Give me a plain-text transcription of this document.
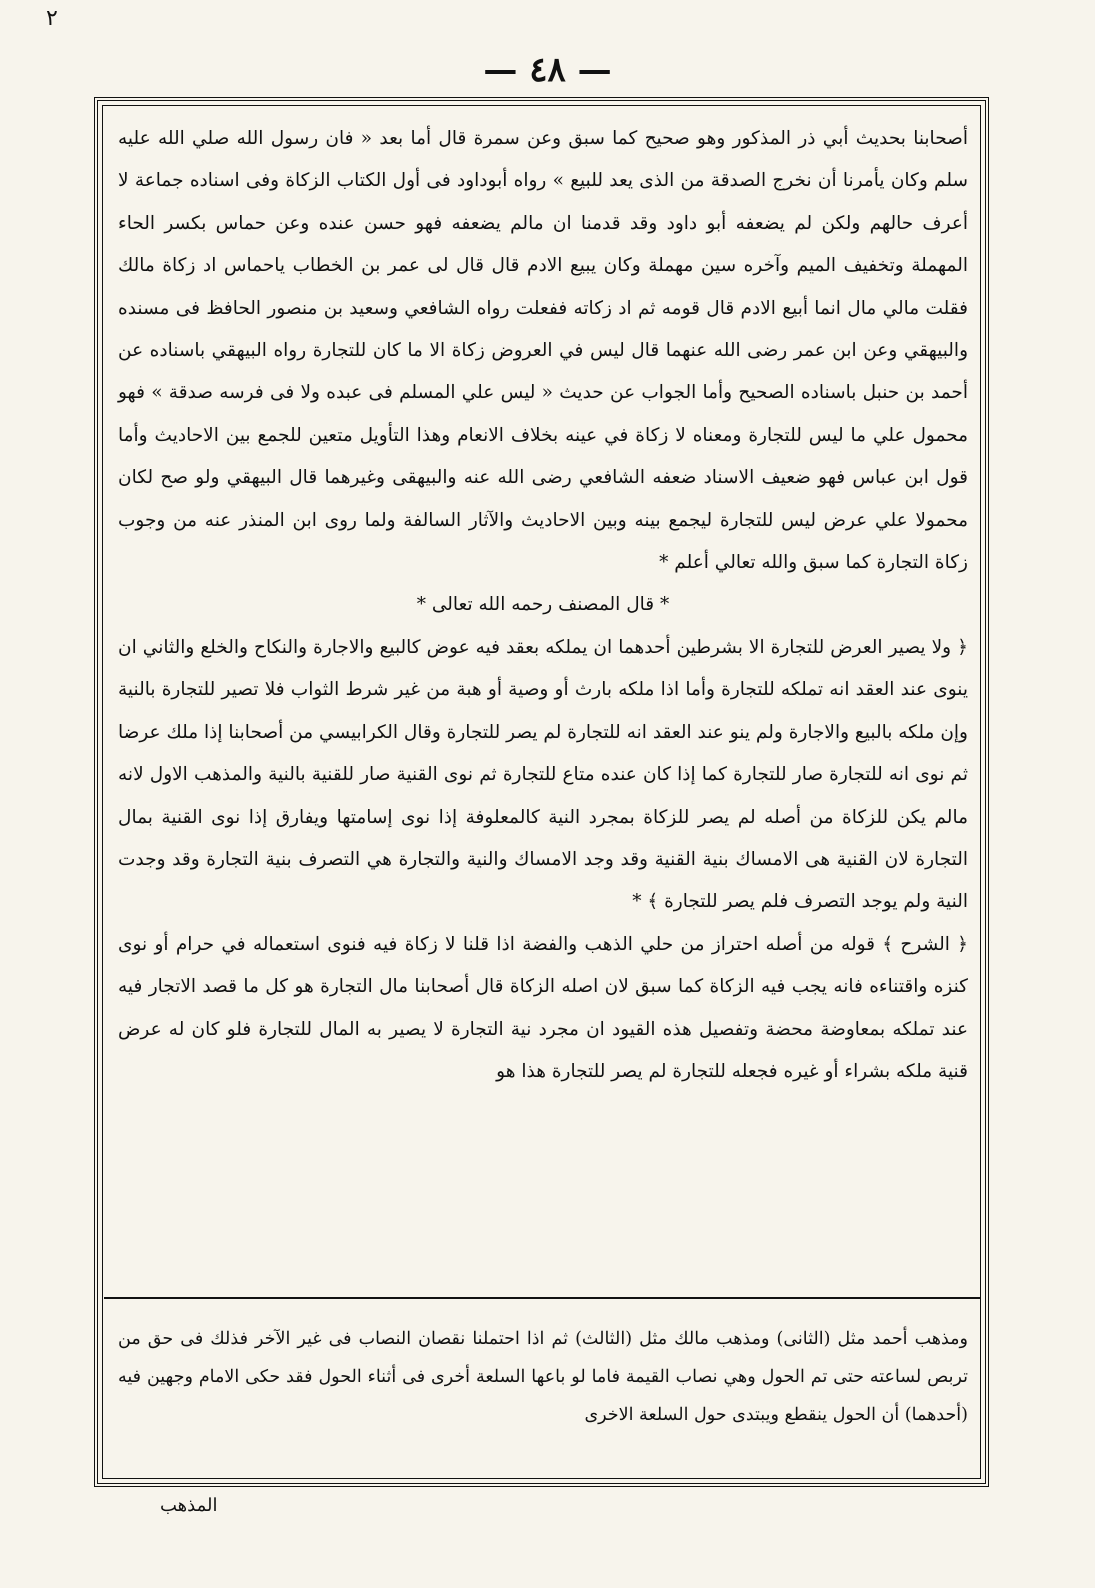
٢
— ٤٨ —

أصحابنا بحديث أبي ذر المذكور وهو صحيح كما سبق وعن سمرة قال أما بعد « فان رسول الله صلي الله عليه سلم وكان يأمرنا أن نخرج الصدقة من الذى يعد للبيع » رواه أبوداود فى أول الكتاب الزكاة وفى اسناده جماعة لا أعرف حالهم ولكن لم يضعفه أبو داود وقد قدمنا ان مالم يضعفه فهو حسن عنده وعن حماس بكسر الحاء المهملة وتخفيف الميم وآخره سين مهملة وكان يبيع الادم قال قال لى عمر بن الخطاب ياحماس اد زكاة مالك فقلت مالي مال انما أبيع الادم قال قومه ثم اد زكاته ففعلت رواه الشافعي وسعيد بن منصور الحافظ فى مسنده والبيهقي وعن ابن عمر رضى الله عنهما قال ليس في العروض زكاة الا ما كان للتجارة رواه البيهقي باسناده عن أحمد بن حنبل باسناده الصحيح وأما الجواب عن حديث « ليس علي المسلم فى عبده ولا فى فرسه صدقة » فهو محمول علي ما ليس للتجارة ومعناه لا زكاة في عينه بخلاف الانعام وهذا التأويل متعين للجمع بين الاحاديث وأما قول ابن عباس فهو ضعيف الاسناد ضعفه الشافعي رضى الله عنه والبيهقى وغيرهما قال البيهقي ولو صح لكان محمولا علي عرض ليس للتجارة ليجمع بينه وبين الاحاديث والآثار السالفة ولما روى ابن المنذر عنه من وجوب زكاة التجارة كما سبق والله تعالي أعلم *

* قال المصنف رحمه الله تعالى *

﴿ ولا يصير العرض للتجارة الا بشرطين أحدهما ان يملكه بعقد فيه عوض كالبيع والاجارة والنكاح والخلع والثاني ان ينوى عند العقد انه تملكه للتجارة وأما اذا ملكه بارث أو وصية أو هبة من غير شرط الثواب فلا تصير للتجارة بالنية وإن ملكه بالبيع والاجارة ولم ينو عند العقد انه للتجارة لم يصر للتجارة وقال الكرابيسي من أصحابنا إذا ملك عرضا ثم نوى انه للتجارة صار للتجارة كما إذا كان عنده متاع للتجارة ثم نوى القنية صار للقنية بالنية والمذهب الاول لانه مالم يكن للزكاة من أصله لم يصر للزكاة بمجرد النية كالمعلوفة إذا نوى إسامتها ويفارق إذا نوى القنية بمال التجارة لان القنية هى الامساك بنية القنية وقد وجد الامساك والنية والتجارة هي التصرف بنية التجارة وقد وجدت النية ولم يوجد التصرف فلم يصر للتجارة ﴾ *

﴿ الشرح ﴾ قوله من أصله احتراز من حلي الذهب والفضة اذا قلنا لا زكاة فيه فنوى استعماله في حرام أو نوى كنزه واقتناءه فانه يجب فيه الزكاة كما سبق لان اصله الزكاة قال أصحابنا مال التجارة هو كل ما قصد الاتجار فيه عند تملكه بمعاوضة محضة وتفصيل هذه القيود ان مجرد نية التجارة لا يصير به المال للتجارة فلو كان له عرض قنية ملكه بشراء أو غيره فجعله للتجارة لم يصر للتجارة هذا هو

ومذهب أحمد مثل (الثانى) ومذهب مالك مثل (الثالث) ثم اذا احتملنا نقصان النصاب فى غير الآخر فذلك فى حق من تربص لساعته حتى تم الحول وهي نصاب القيمة فاما لو باعها السلعة أخرى فى أثناء الحول فقد حكى الامام وجهين فيه (أحدهما) أن الحول ينقطع ويبتدى حول السلعة الاخرى

المذهب
